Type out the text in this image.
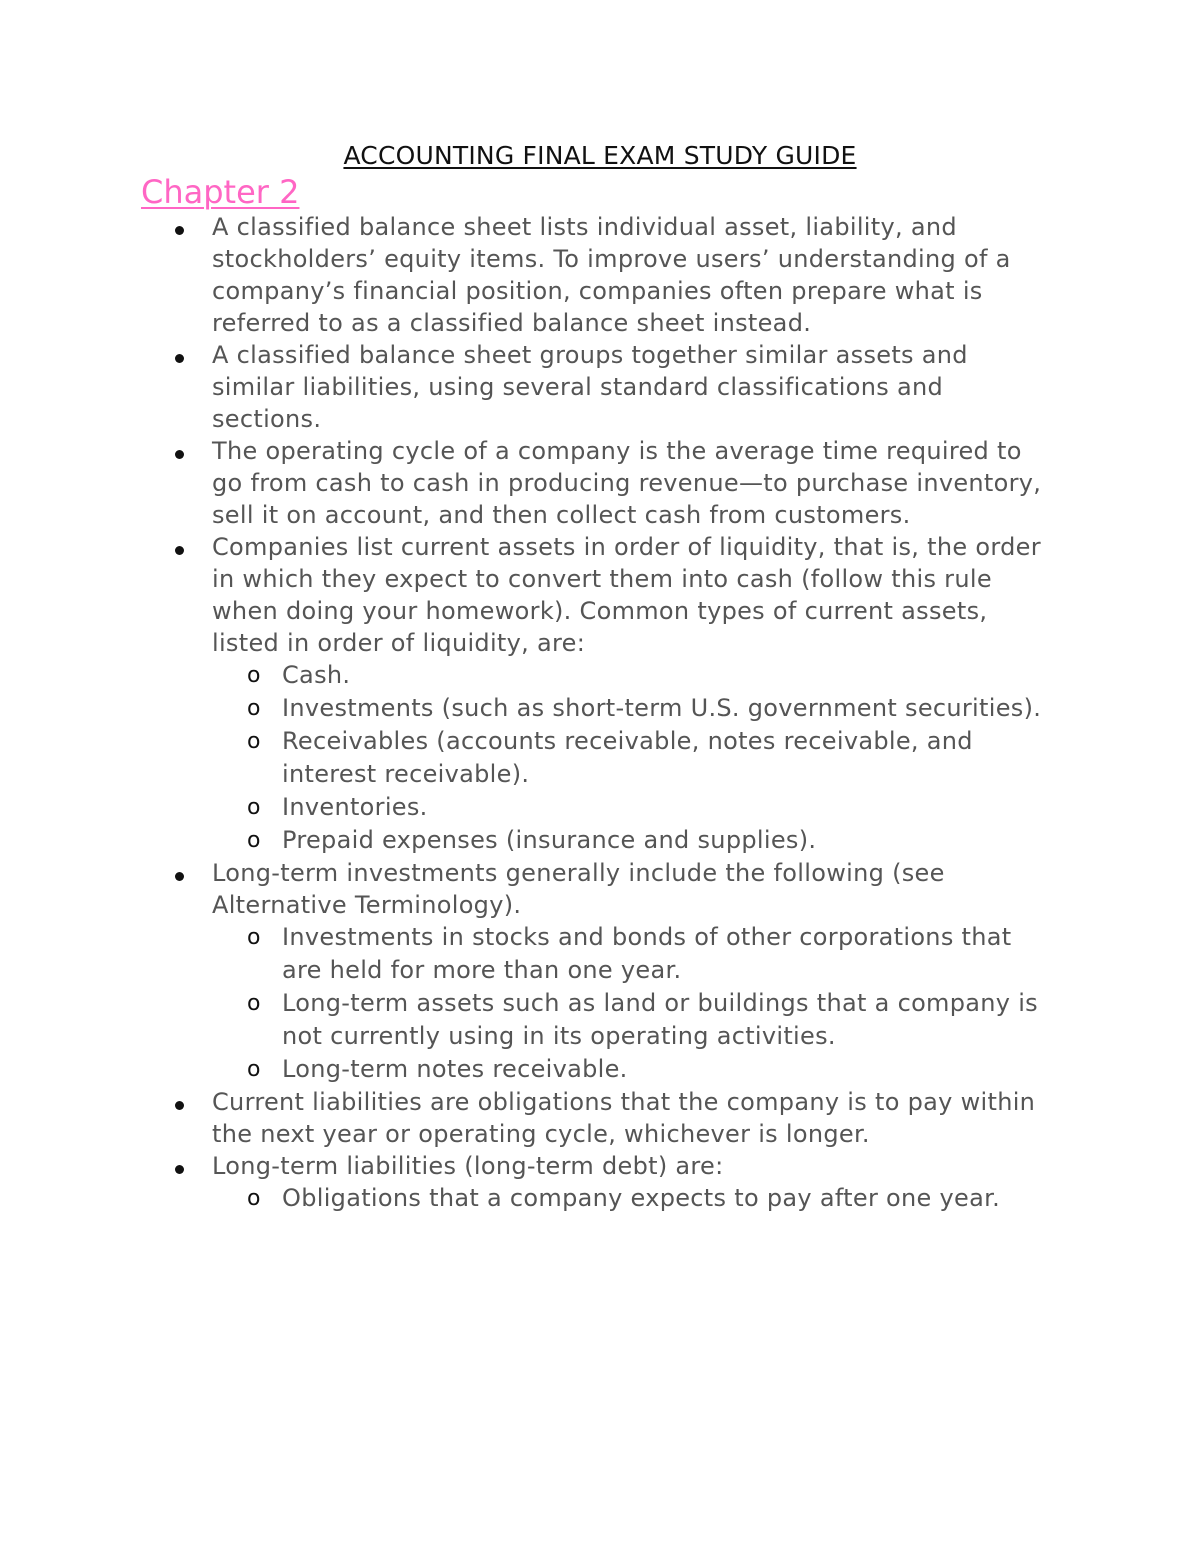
ACCOUNTING FINAL EXAM STUDY GUIDE
Chapter 2
A classified balance sheet lists individual asset, liability, and stockholders’ equity items. To improve users’ understanding of a company’s financial position, companies often prepare what is referred to as a classified balance sheet instead.
A classified balance sheet groups together similar assets and similar liabilities, using several standard classifications and sections.
The operating cycle of a company is the average time required to go from cash to cash in producing revenue—to purchase inventory, sell it on account, and then collect cash from customers.
Companies list current assets in order of liquidity, that is, the order in which they expect to convert them into cash (follow this rule when doing your homework). Common types of current assets, listed in order of liquidity, are:
o Cash.
o Investments (such as short-term U.S. government securities).
o Receivables (accounts receivable, notes receivable, and interest receivable).
o Inventories.
o Prepaid expenses (insurance and supplies).
Long-term investments generally include the following (see Alternative Terminology).
o Investments in stocks and bonds of other corporations that are held for more than one year.
o Long-term assets such as land or buildings that a company is not currently using in its operating activities.
o Long-term notes receivable.
Current liabilities are obligations that the company is to pay within the next year or operating cycle, whichever is longer.
Long-term liabilities (long-term debt) are:
o Obligations that a company expects to pay after one year.
